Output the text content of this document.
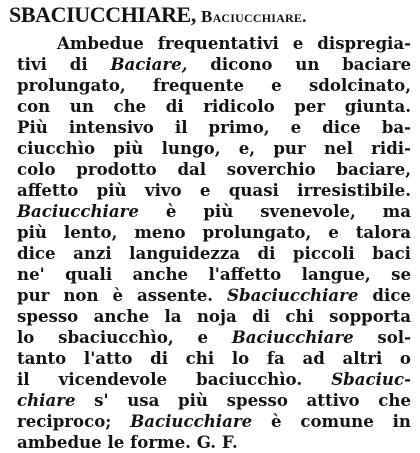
SBACIUCCHIARE, Baciucchiare.
Ambedue frequentativi e dispregia-
tivi di Baciare, dicono un baciare
prolungato, frequente e sdolcinato,
con un che di ridicolo per giunta.
Più intensivo il primo, e dice ba-
ciucchìo più lungo, e, pur nel ridi-
colo prodotto dal soverchio baciare,
affetto più vivo e quasi irresistibile.
Baciucchiare è più svenevole, ma
più lento, meno prolungato, e talora
dice anzi languidezza di piccoli baci
ne' quali anche l'affetto langue, se
pur non è assente. Sbaciucchiare dice
spesso anche la noja di chi sopporta
lo sbaciucchìo, e Baciucchiare sol-
tanto l'atto di chi lo fa ad altri o
il vicendevole baciucchìo. Sbaciuc-
chiare s' usa più spesso attivo che
reciproco; Baciucchiare è comune in
ambedue le forme. G. F.
